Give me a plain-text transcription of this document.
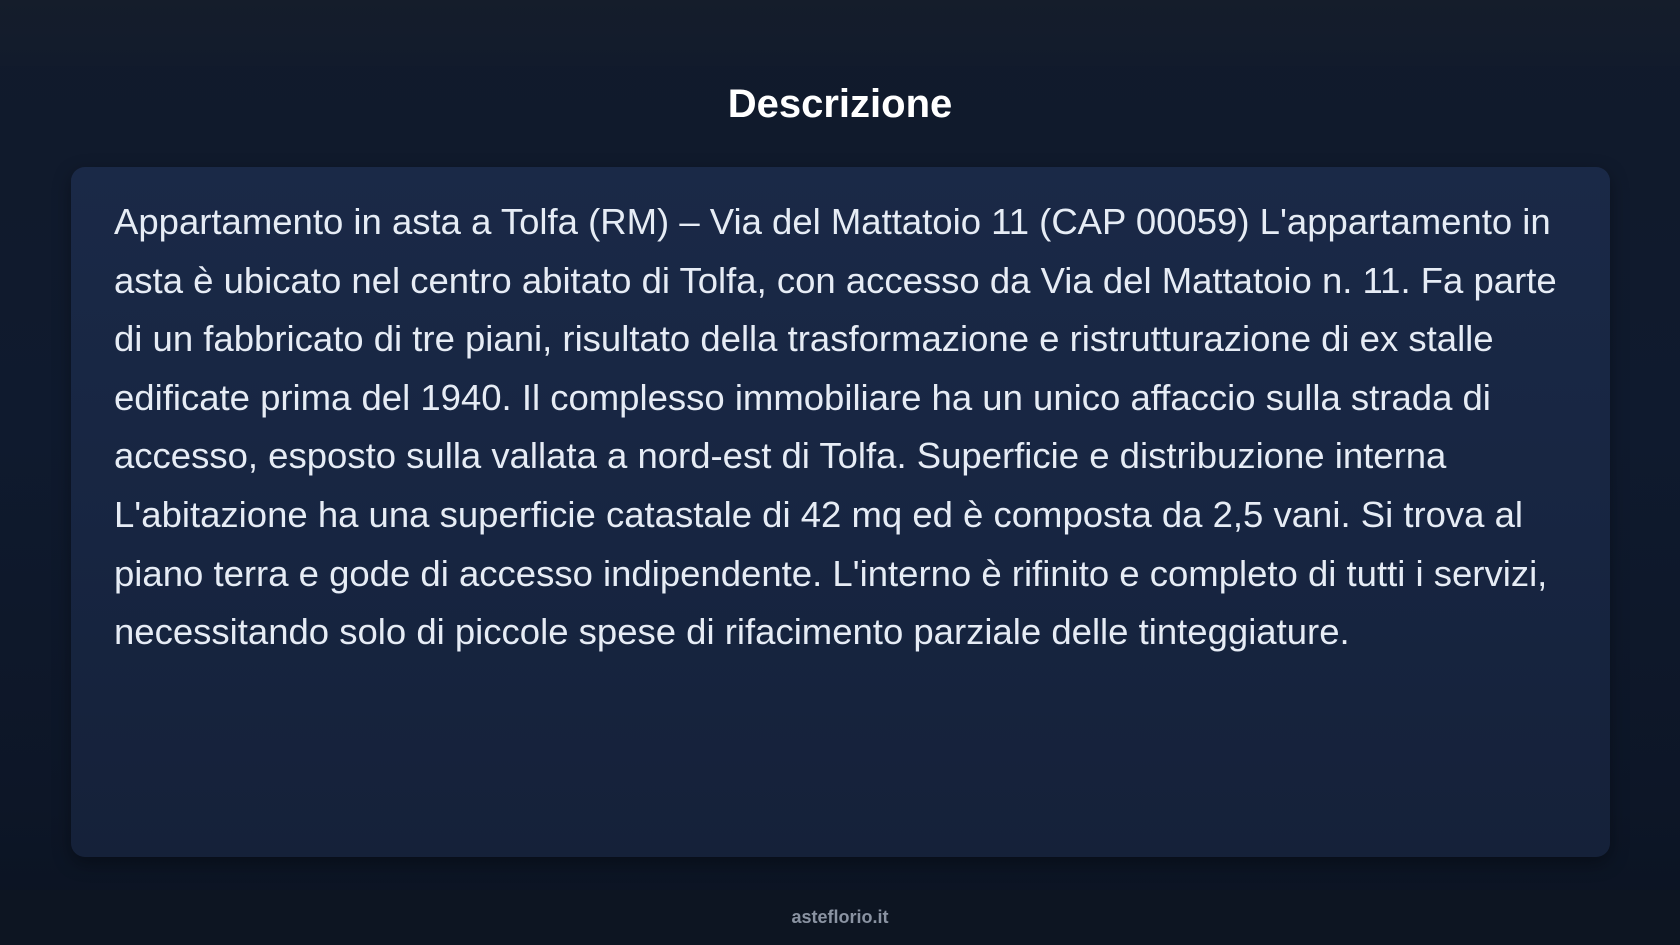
Descrizione

Appartamento in asta a Tolfa (RM) – Via del Mattatoio 11 (CAP 00059) L'appartamento in asta è ubicato nel centro abitato di Tolfa, con accesso da Via del Mattatoio n. 11. Fa parte di un fabbricato di tre piani, risultato della trasformazione e ristrutturazione di ex stalle edificate prima del 1940. Il complesso immobiliare ha un unico affaccio sulla strada di accesso, esposto sulla vallata a nord-est di Tolfa. Superficie e distribuzione interna L'abitazione ha una superficie catastale di 42 mq ed è composta da 2,5 vani. Si trova al piano terra e gode di accesso indipendente. L'interno è rifinito e completo di tutti i servizi, necessitando solo di piccole spese di rifacimento parziale delle tinteggiature.

asteflorio.it
